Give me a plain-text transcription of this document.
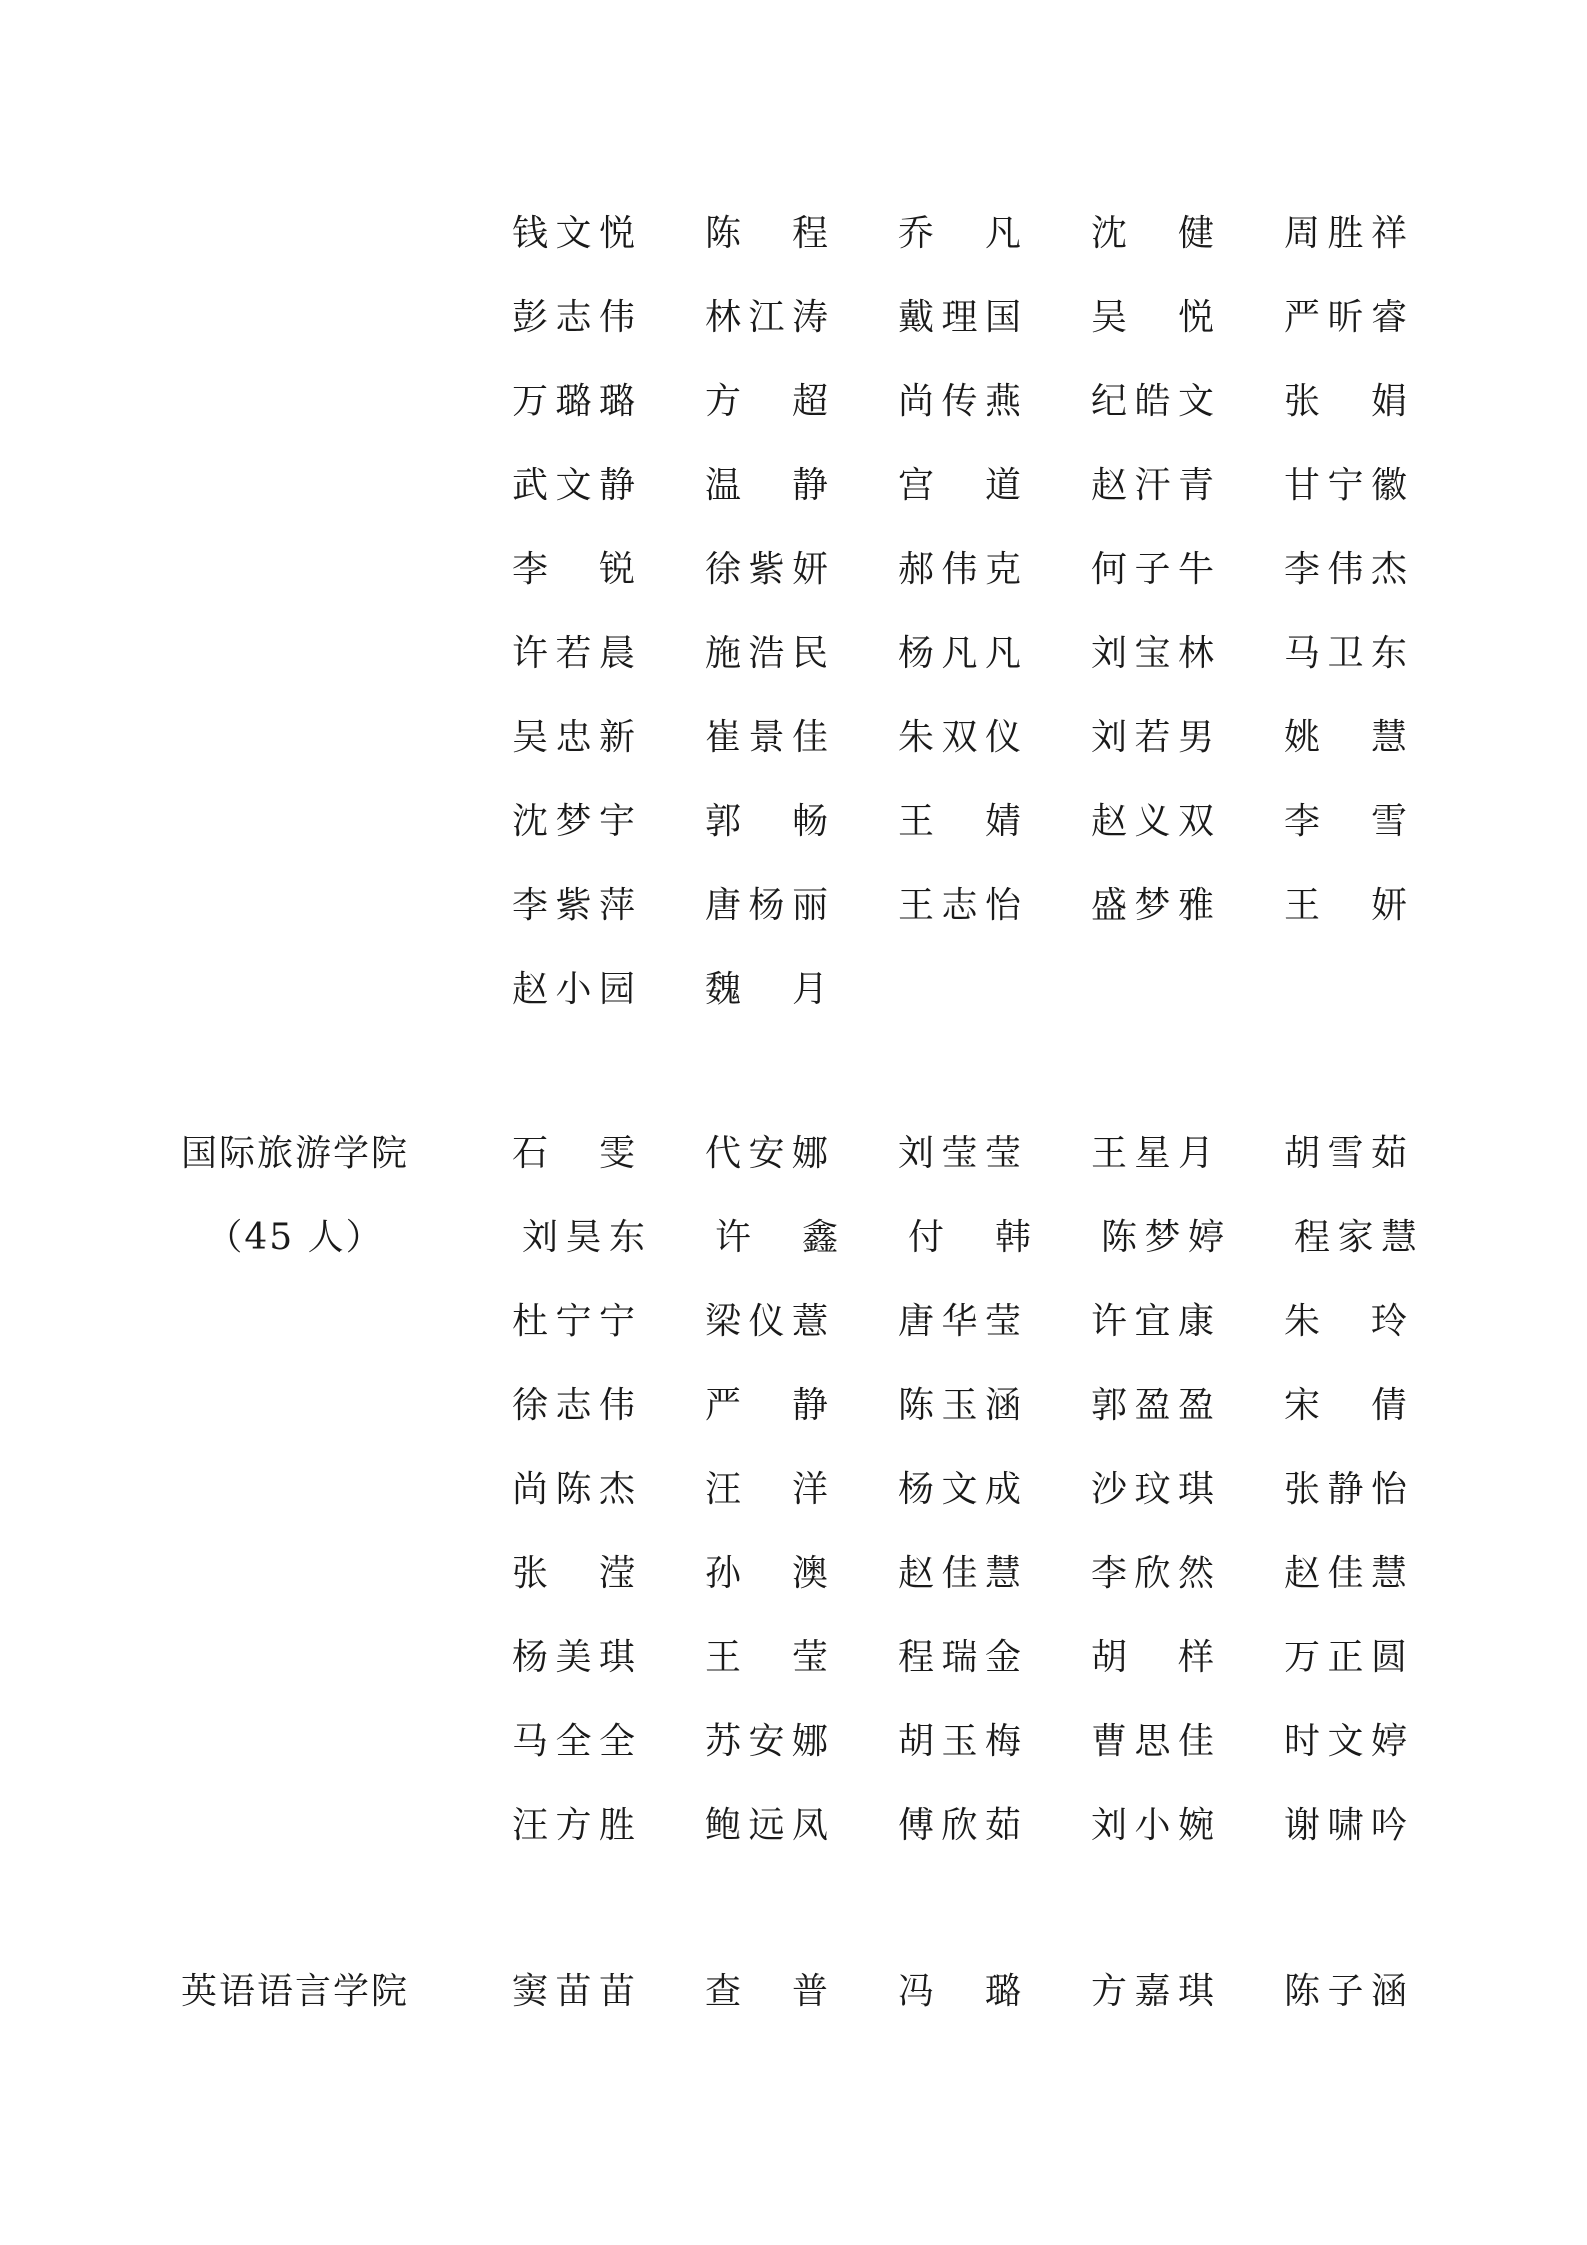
钱 文 悦 陈 程 乔 凡 沈 健 周 胜 祥
彭 志 伟 林 江 涛 戴 理 国 吴 悦 严 昕 睿
万 璐 璐 方 超 尚 传 燕 纪 皓 文 张 娟
武 文 静 温 静 宫 道 赵 汗 青 甘 宁 徽
李 锐 徐 紫 妍 郝 伟 克 何 子 牛 李 伟 杰
许 若 晨 施 浩 民 杨 凡 凡 刘 宝 林 马 卫 东
吴 忠 新 崔 景 佳 朱 双 仪 刘 若 男 姚 慧
沈 梦 宇 郭 畅 王 婧 赵 义 双 李 雪
李 紫 萍 唐 杨 丽 王 志 怡 盛 梦 雅 王 妍
赵 小 园 魏 月
国际旅游学院
（45 人）
石 雯 代 安 娜 刘 莹 莹 王 星 月 胡 雪 茹
刘 昊 东 许 鑫 付 韩 陈 梦 婷 程 家 慧
杜 宁 宁 梁 仪 薏 唐 华 莹 许 宜 康 朱 玲
徐 志 伟 严 静 陈 玉 涵 郭 盈 盈 宋 倩
尚 陈 杰 汪 洋 杨 文 成 沙 玟 琪 张 静 怡
张 滢 孙 澳 赵 佳 慧 李 欣 然 赵 佳 慧
杨 美 琪 王 莹 程 瑞 金 胡 样 万 正 圆
马 全 全 苏 安 娜 胡 玉 梅 曹 思 佳 时 文 婷
汪 方 胜 鲍 远 凤 傅 欣 茹 刘 小 婉 谢 啸 吟
英语语言学院	窦 苗 苗 查 普 冯 璐 方 嘉 琪 陈 子 涵
